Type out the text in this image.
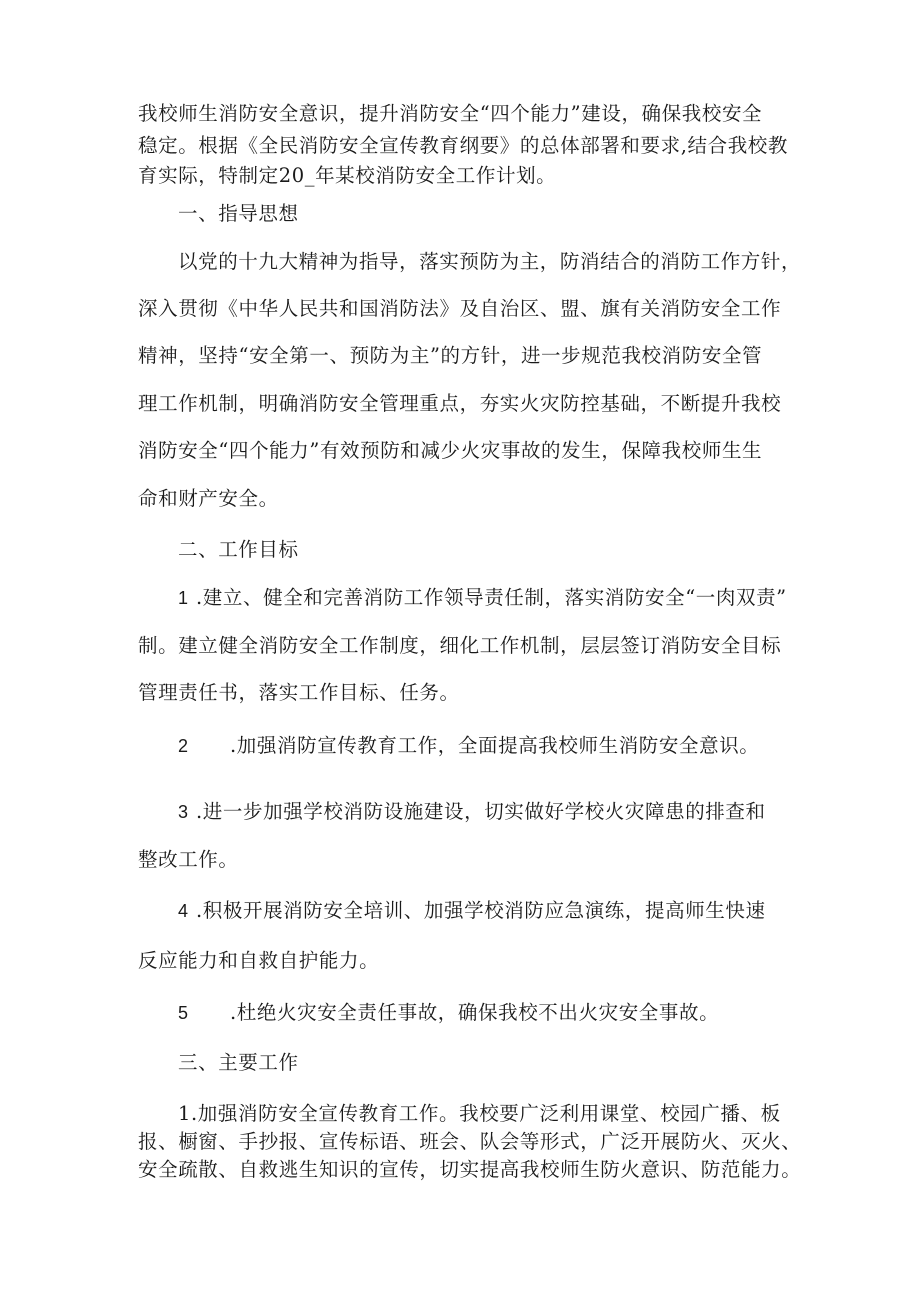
我校师生消防安全意识，提升消防安全“四个能力”建设，确保我校安全
稳定。根据《全民消防安全宣传教育纲要》的总体部署和要求,结合我校教
育实际，特制定20_年某校消防安全工作计划。
一、指导思想
以党的十九大精神为指导，落实预防为主，防消结合的消防工作方针，
深入贯彻《中华人民共和国消防法》及自治区、盟、旗有关消防安全工作
精神，坚持“安全第一、预防为主”的方针，进一步规范我校消防安全管
理工作机制，明确消防安全管理重点，夯实火灾防控基础，不断提升我校
消防安全“四个能力”有效预防和减少火灾事故的发生，保障我校师生生
命和财产安全。
二、工作目标
1 .建立、健全和完善消防工作领导责任制，落实消防安全“一肉双责”
制。建立健全消防安全工作制度，细化工作机制，层层签订消防安全目标
管理责任书，落实工作目标、任务。
2 .加强消防宣传教育工作，全面提高我校师生消防安全意识。
3 .进一步加强学校消防设施建设，切实做好学校火灾障患的排查和
整改工作。
4 .积极开展消防安全培训、加强学校消防应急演练，提高师生快速
反应能力和自救自护能力。
5 .杜绝火灾安全责任事故，确保我校不出火灾安全事故。
三、主要工作
1.加强消防安全宣传教育工作。我校要广泛利用课堂、校园广播、板
报、橱窗、手抄报、宣传标语、班会、队会等形式，广泛开展防火、灭火、
安全疏散、自救逃生知识的宣传，切实提高我校师生防火意识、防范能力。
